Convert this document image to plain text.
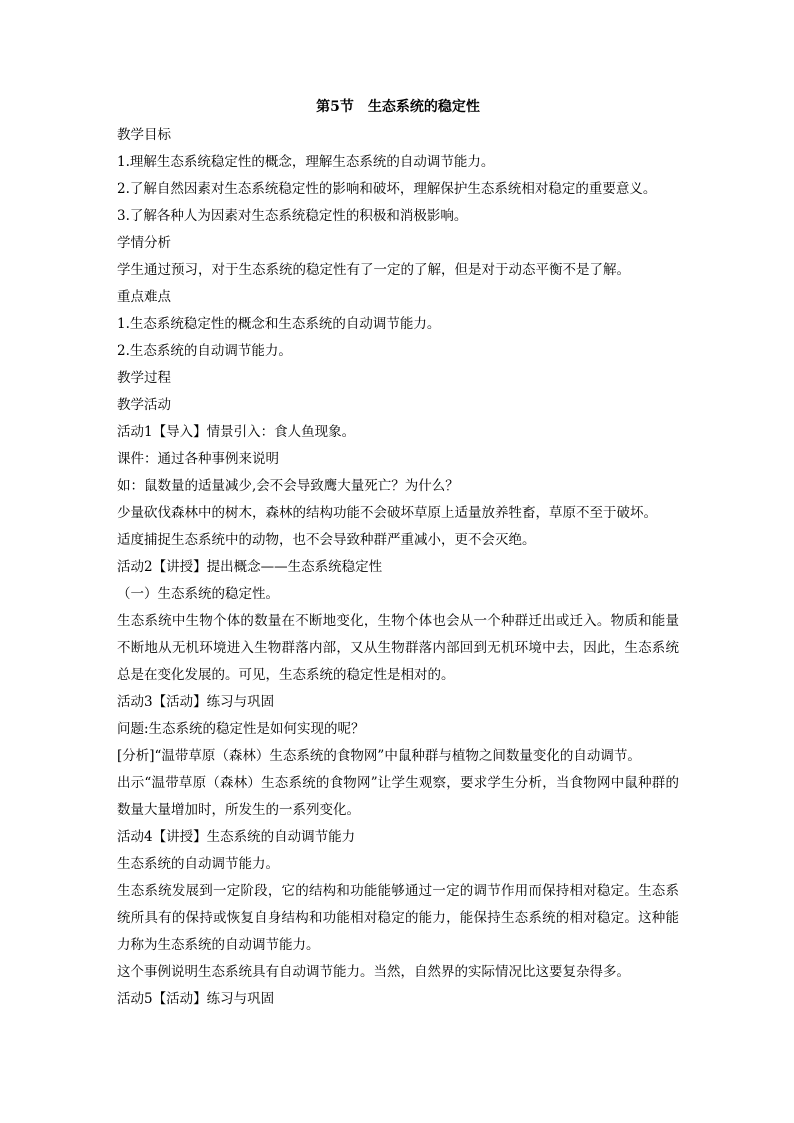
第5节　生态系统的稳定性

教学目标

1.理解生态系统稳定性的概念，理解生态系统的自动调节能力。

2.了解自然因素对生态系统稳定性的影响和破坏，理解保护生态系统相对稳定的重要意义。

3.了解各种人为因素对生态系统稳定性的积极和消极影响。

学情分析

学生通过预习，对于生态系统的稳定性有了一定的了解，但是对于动态平衡不是了解。

重点难点

1.生态系统稳定性的概念和生态系统的自动调节能力。

2.生态系统的自动调节能力。

教学过程

教学活动

活动1【导入】情景引入：食人鱼现象。

课件：通过各种事例来说明

如：鼠数量的适量减少,会不会导致鹰大量死亡？为什么？

少量砍伐森林中的树木，森林的结构功能不会破坏草原上适量放养牲畜，草原不至于破坏。

适度捕捉生态系统中的动物，也不会导致种群严重减小，更不会灭绝。

活动2【讲授】提出概念——生态系统稳定性

（一）生态系统的稳定性。

生态系统中生物个体的数量在不断地变化，生物个体也会从一个种群迁出或迁入。物质和能量不断地从无机环境进入生物群落内部，又从生物群落内部回到无机环境中去，因此，生态系统总是在变化发展的。可见，生态系统的稳定性是相对的。

活动3【活动】练习与巩固

问题:生态系统的稳定性是如何实现的呢？

[分析]“温带草原（森林）生态系统的食物网”中鼠种群与植物之间数量变化的自动调节。

出示“温带草原（森林）生态系统的食物网”让学生观察，要求学生分析，当食物网中鼠种群的数量大量增加时，所发生的一系列变化。

活动4【讲授】生态系统的自动调节能力

生态系统的自动调节能力。

生态系统发展到一定阶段，它的结构和功能能够通过一定的调节作用而保持相对稳定。生态系统所具有的保持或恢复自身结构和功能相对稳定的能力，能保持生态系统的相对稳定。这种能力称为生态系统的自动调节能力。

这个事例说明生态系统具有自动调节能力。当然，自然界的实际情况比这要复杂得多。

活动5【活动】练习与巩固
